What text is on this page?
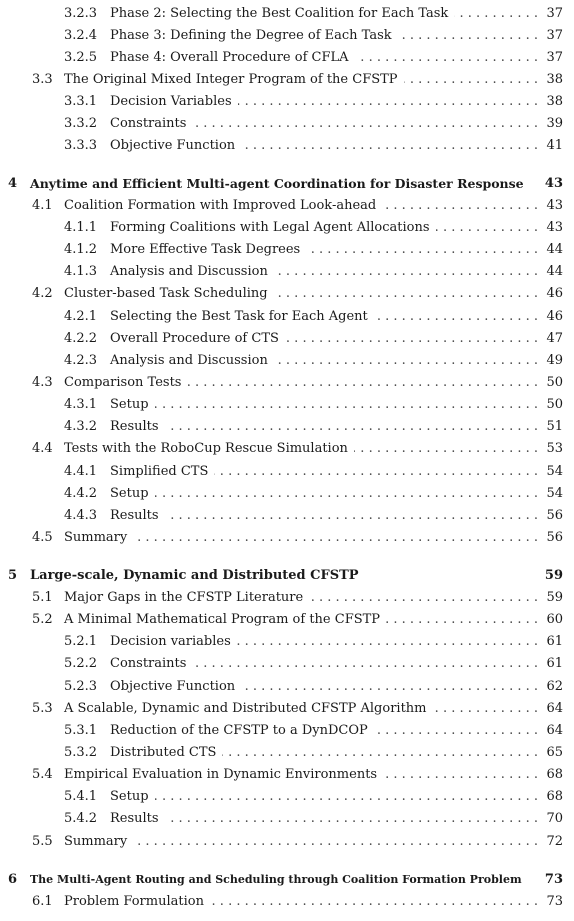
3.2.3 Phase 2: Selecting the Best Coalition for Each Task . . .	37
3.2.4 Phase 3: Defining the Degree of Each Task . . .	37
3.2.5 Phase 4: Overall Procedure of CFLA . . .	37
3.3 The Original Mixed Integer Program of the CFSTP . . .	38
3.3.1 Decision Variables . . .	38
3.3.2 Constraints . . .	39
3.3.3 Objective Function . . .	41
4 Anytime and Efficient Multi-agent Coordination for Disaster Response 43
4.1 Coalition Formation with Improved Look-ahead . . .	43
4.1.1 Forming Coalitions with Legal Agent Allocations . . .	43
4.1.2 More Effective Task Degrees . . .	44
4.1.3 Analysis and Discussion . . .	44
4.2 Cluster-based Task Scheduling . . .	46
4.2.1 Selecting the Best Task for Each Agent . . .	46
4.2.2 Overall Procedure of CTS . . .	47
4.2.3 Analysis and Discussion . . .	49
4.3 Comparison Tests . . .	50
4.3.1 Setup . . .	50
4.3.2 Results . . .	51
4.4 Tests with the RoboCup Rescue Simulation . . .	53
4.4.1 Simplified CTS . . .	54
4.4.2 Setup . . .	54
4.4.3 Results . . .	56
4.5 Summary . . .	56
5 Large-scale, Dynamic and Distributed CFSTP	59
5.1 Major Gaps in the CFSTP Literature . . .	59
5.2 A Minimal Mathematical Program of the CFSTP . . .	60
5.2.1 Decision variables . . .	61
5.2.2 Constraints . . .	61
5.2.3 Objective Function . . .	62
5.3 A Scalable, Dynamic and Distributed CFSTP Algorithm . . .	64
5.3.1 Reduction of the CFSTP to a DynDCOP . . .	64
5.3.2 Distributed CTS . . .	65
5.4 Empirical Evaluation in Dynamic Environments . . .	68
5.4.1 Setup . . .	68
5.4.2 Results . . .	70
5.5 Summary . . .	72
6 The Multi-Agent Routing and Scheduling through Coalition Formation Problem 73
6.1 Problem Formulation . . .	73
